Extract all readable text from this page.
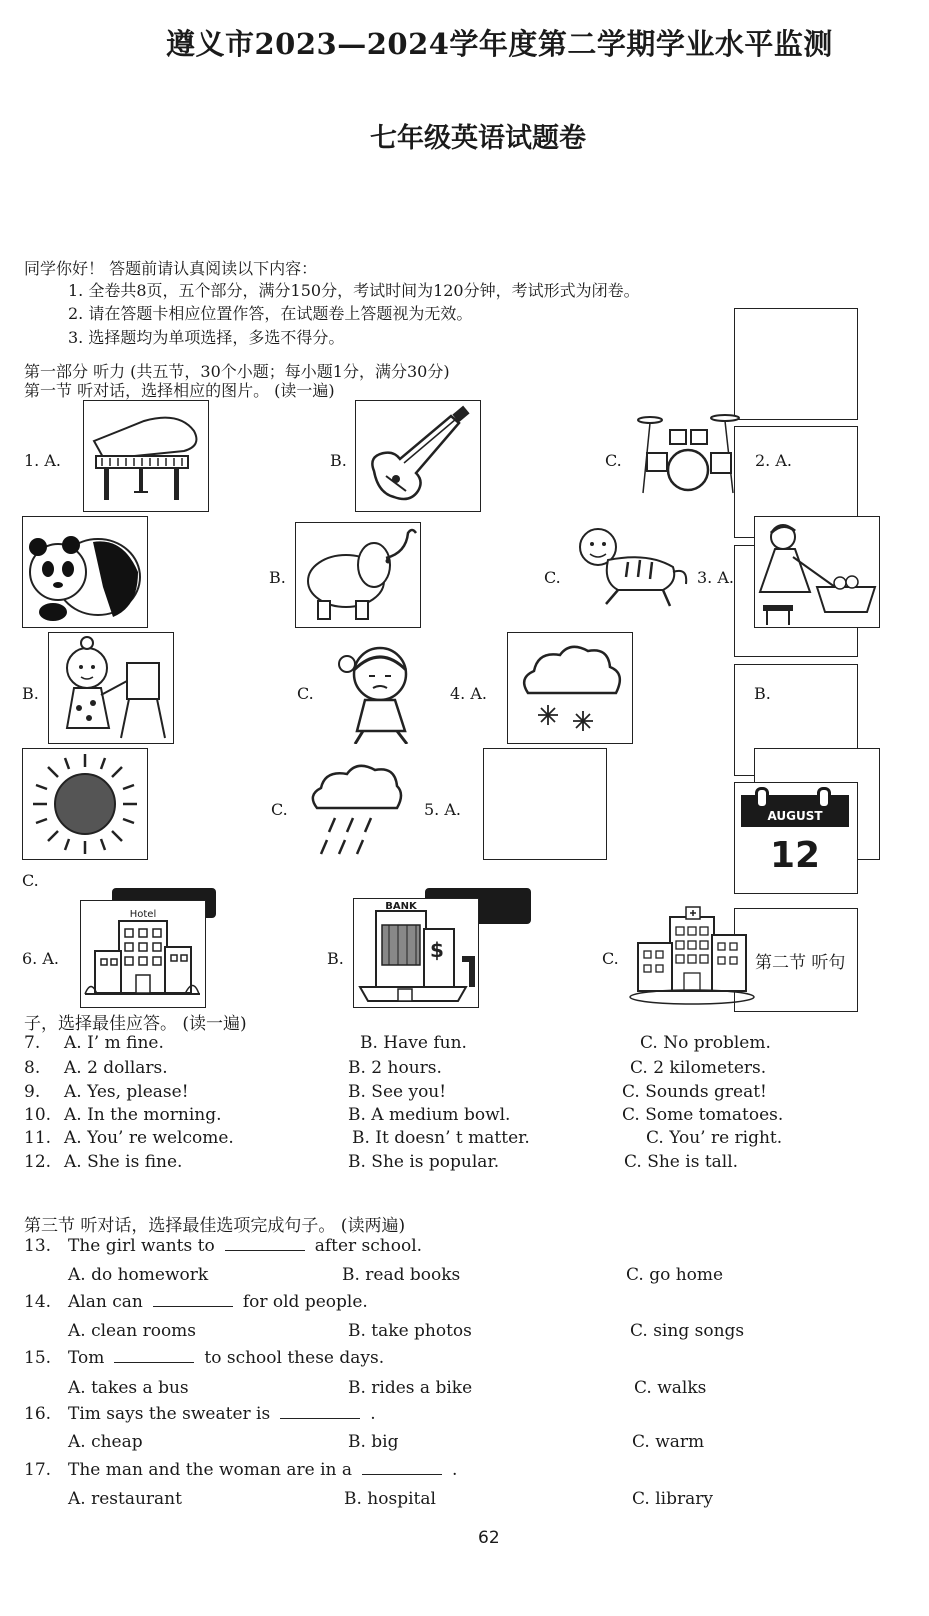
遵义市2023—2024学年度第二学期学业水平监测
七年级英语试题卷
同学你好！ 答题前请认真阅读以下内容：
1. 全卷共8页，五个部分，满分150分，考试时间为120分钟，考试形式为闭卷。
2. 请在答题卡相应位置作答，在试题卷上答题视为无效。
3. 选择题均为单项选择，多选不得分。
第一部分 听力 (共五节，30个小题；每小题1分，满分30分)
第一节 听对话，选择相应的图片。 (读一遍)
1. A.	B.	C.	2. A.
B.	C.	3. A.
B.	C.	4. A.	B.
C.	5. A.	AUGUST
12
C.
6. A.
Hotel
B.	$
BANK
C.	第二节 听句
子，选择最佳应答。 (读一遍)
7. A. I’ m fine.	B. Have fun.	C. No problem.
8. A. 2 dollars.	B. 2 hours.	C. 2 kilometers.
9. A. Yes, please!	B. See you!	C. Sounds great!
10. A. In the morning.	B. A medium bowl.	C. Some tomatoes.
11. A. You’ re welcome.	B. It doesn’ t matter.	C. You’ re right.
12. A. She is fine.	B. She is popular.	C. She is tall.
第三节 听对话，选择最佳选项完成句子。 (读两遍)
13. The girl wants to	after school.
A. do homework	B. read books	C. go home
14. Alan can	for old people.
A. clean rooms	B. take photos	C. sing songs
15. Tom	to school these days.
A. takes a bus	B. rides a bike	C. walks
16. Tim says the sweater is	.
A. cheap	B. big	C. warm
17. The man and the woman are in a	.
A. restaurant	B. hospital	C. library
62
